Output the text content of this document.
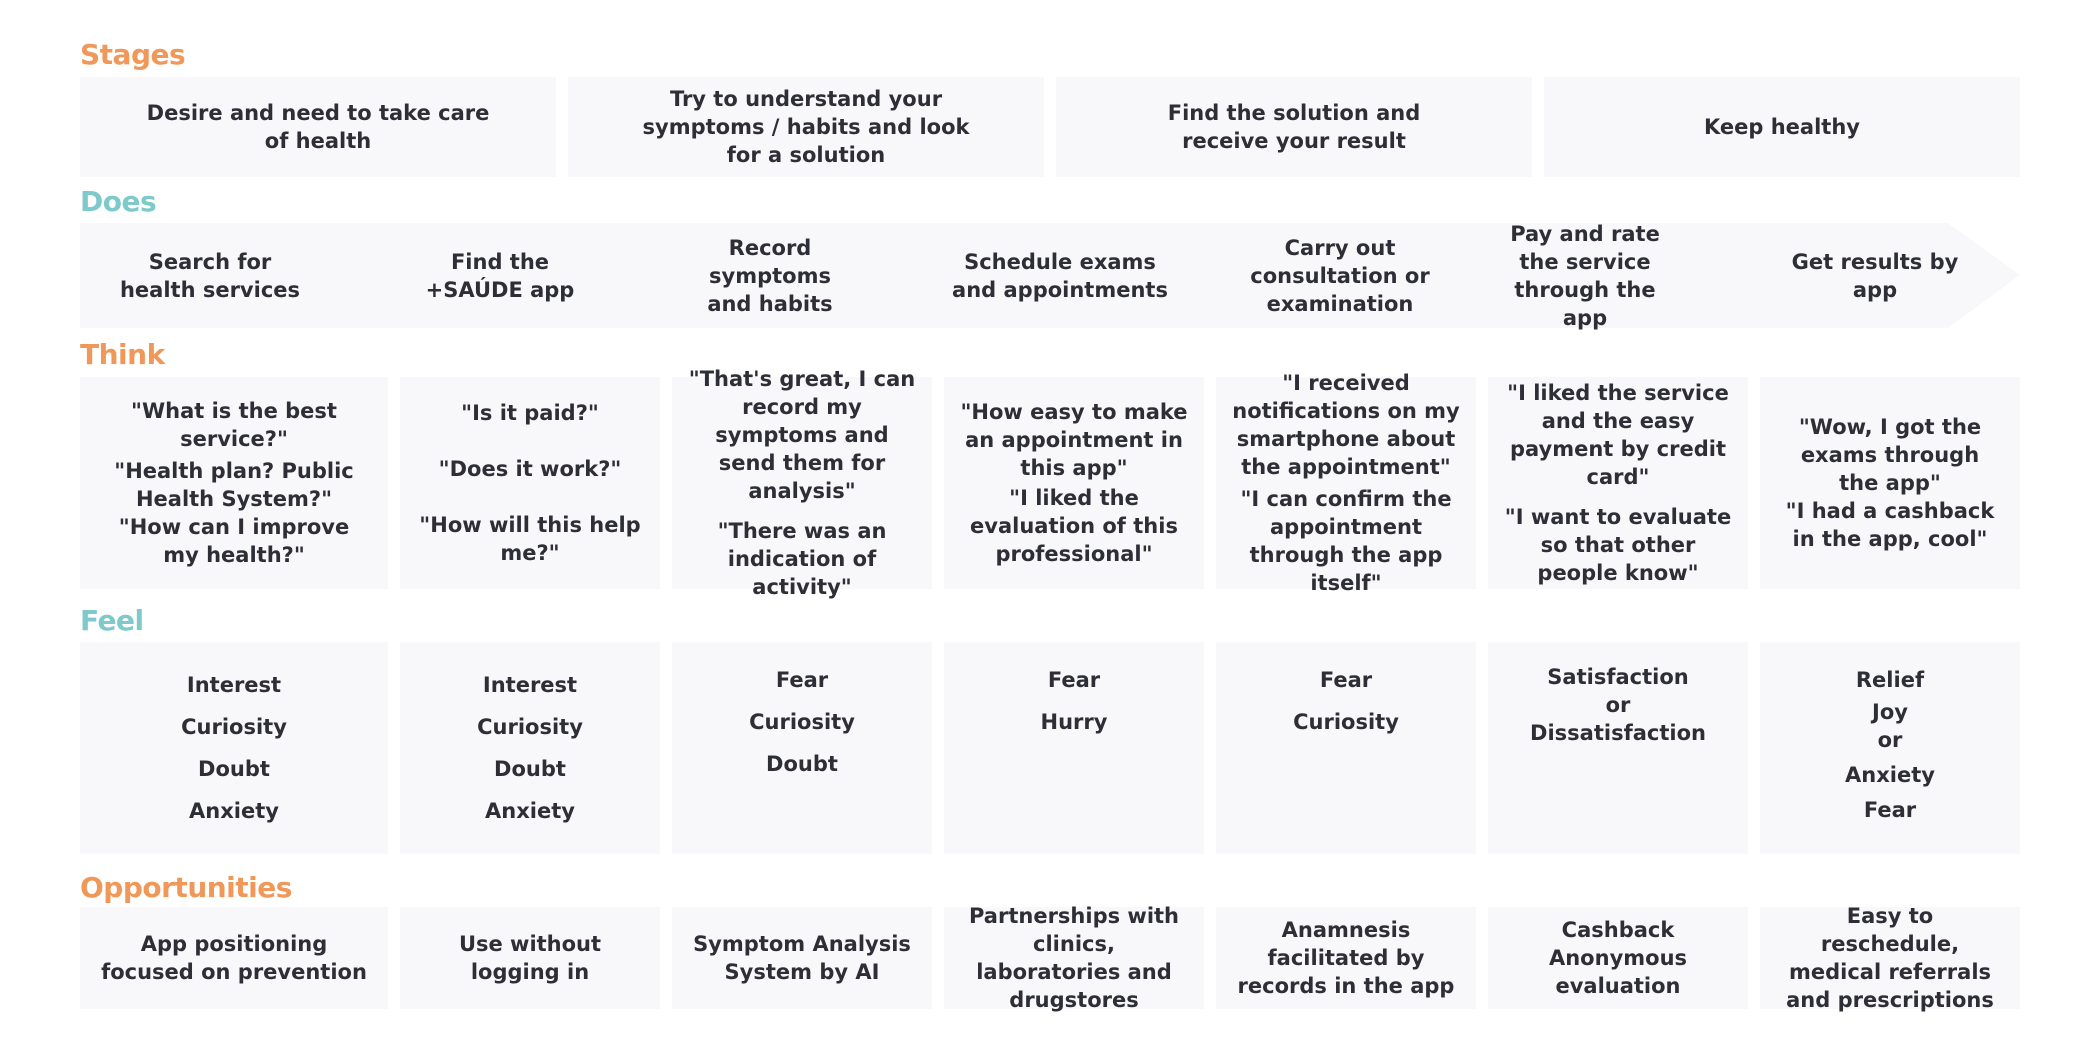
Stages
Does
Think
Feel
Opportunities
Desire and need to take care of health
Try to understand your symptoms / habits and look for a solution
Find the solution and receive your result
Keep healthy
Search for health services
Find the +SAÚDE app
Record symptoms and habits
Schedule exams and appointments
Carry out consultation or examination
Pay and rate the service through the app
Get results by app
"What is the best service?"
"Health plan? Public Health System?"
"How can I improve my health?"
"Is it paid?"
"Does it work?"
"How will this help me?"
"That's great, I can record my symptoms and send them for analysis"
"There was an indication of activity"
"How easy to make an appointment in this app"
"I liked the evaluation of this professional"
"I received notifications on my smartphone about the appointment"
"I can confirm the appointment through the app itself"
"I liked the service and the easy payment by credit card"
"I want to evaluate so that other people know"
"Wow, I got the exams through the app"
"I had a cashback in the app, cool"
Interest
Curiosity
Doubt
Anxiety
Interest
Curiosity
Doubt
Anxiety
Fear
Curiosity
Doubt
Fear
Hurry
Fear
Curiosity
Satisfaction
or
Dissatisfaction
Relief
Joy
or
Anxiety
Fear
App positioning focused on prevention
Use without logging in
Symptom Analysis System by AI
Partnerships with clinics, laboratories and drugstores
Anamnesis facilitated by records in the app
Cashback Anonymous evaluation
Easy to reschedule, medical referrals and prescriptions
